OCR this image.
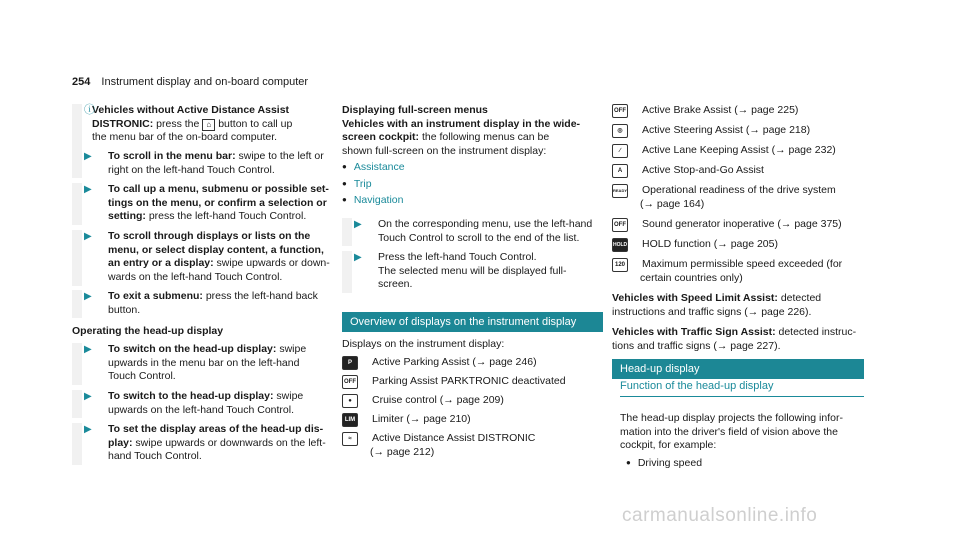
254 Instrument display and on-board computer
ⓘ
Vehicles without Active Distance Assist
DISTRONIC: press the ⌂ button to call up
the menu bar of the on-board computer.
▶ To scroll in the menu bar: swipe to the left or
right on the left-hand Touch Control.
▶ To call up a menu, submenu or possible set-
tings on the menu, or confirm a selection or
setting: press the left-hand Touch Control.
▶ To scroll through displays or lists on the
menu, or select display content, a function,
an entry or a display: swipe upwards or down-
wards on the left-hand Touch Control.
▶ To exit a submenu: press the left-hand back
button.
Operating the head-up display
▶ To switch on the head-up display: swipe
upwards in the menu bar on the left-hand
Touch Control.
▶ To switch to the head-up display: swipe
upwards on the left-hand Touch Control.
▶ To set the display areas of the head-up dis-
play: swipe upwards or downwards on the left-
hand Touch Control.
Displaying full-screen menus
Vehicles with an instrument display in the wide-
screen cockpit: the following menus can be
shown full-screen on the instrument display:
● Assistance
● Trip
● Navigation
▶ On the corresponding menu, use the left-hand
Touch Control to scroll to the end of the list.
▶ Press the left-hand Touch Control.
The selected menu will be displayed full-
screen.
Overview of displays on the instrument display
Displays on the instrument display:
P	Active Parking Assist (→ page 246)
OFF Parking Assist PARKTRONIC deactivated
●	Cruise control (→ page 209)
LIM Limiter (→ page 210)
≈	Active Distance Assist DISTRONIC
(→ page 212)
OFF Active Brake Assist (→ page 225)
◎	Active Steering Assist (→ page 218)
∕	Active Lane Keeping Assist (→ page 232)
A	Active Stop-and-Go Assist
READY Operational readiness of the drive system
(→ page 164)
OFF Sound generator inoperative (→ page 375)
HOLD HOLD function (→ page 205)
120 Maximum permissible speed exceeded (for
certain countries only)
Vehicles with Speed Limit Assist: detected
instructions and traffic signs (→ page 226).
Vehicles with Traffic Sign Assist: detected instruc-
tions and traffic signs (→ page 227).
Head-up display
Function of the head-up display
The head-up display projects the following infor-
mation into the driver's field of vision above the
cockpit, for example:
● Driving speed
carmanualsonline.info
